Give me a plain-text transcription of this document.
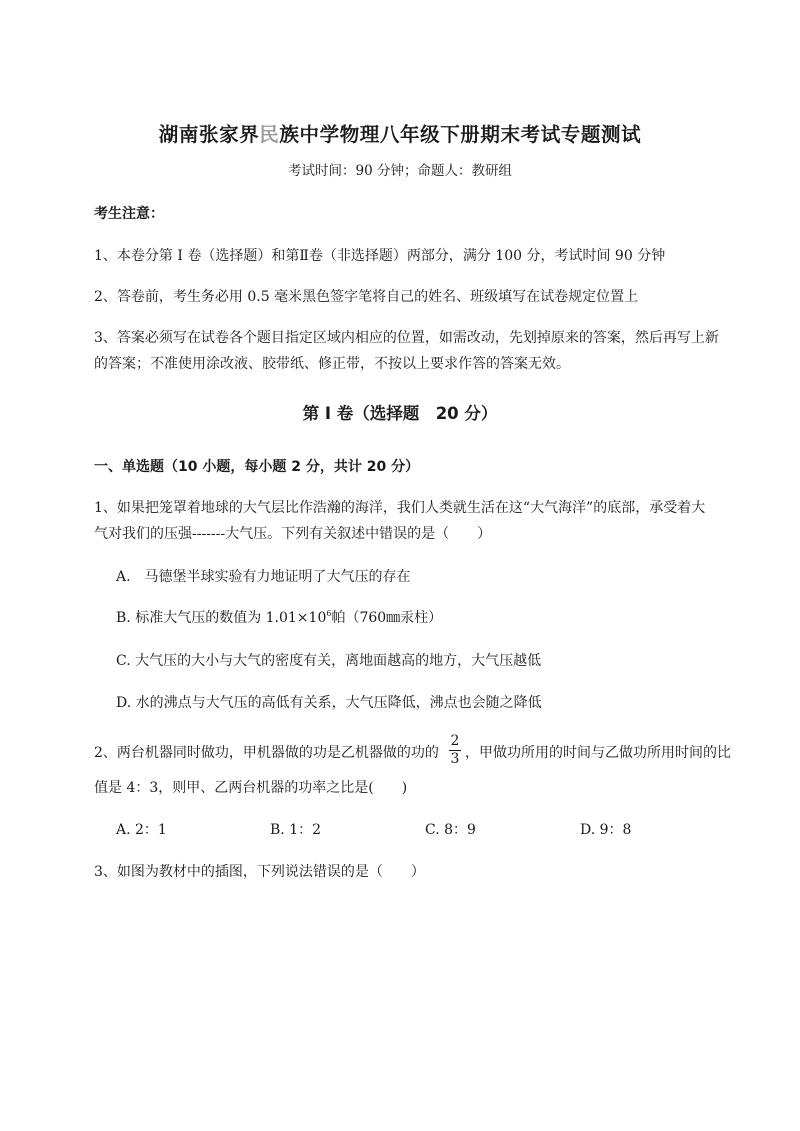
湖南张家界民族中学物理八年级下册期末考试专题测试
考试时间：90 分钟；命题人：教研组
考生注意：
1、本卷分第 I 卷（选择题）和第Ⅱ卷（非选择题）两部分，满分 100 分，考试时间 90 分钟
2、答卷前，考生务必用 0.5 毫米黑色签字笔将自己的姓名、班级填写在试卷规定位置上
3、答案必须写在试卷各个题目指定区域内相应的位置，如需改动，先划掉原来的答案，然后再写上新
的答案；不准使用涂改液、胶带纸、修正带，不按以上要求作答的答案无效。
第 I 卷（选择题　20 分）
一、单选题（10 小题，每小题 2 分，共计 20 分）
1、如果把笼罩着地球的大气层比作浩瀚的海洋，我们人类就生活在这“大气海洋”的底部，承受着大
气对我们的压强-------大气压。下列有关叙述中错误的是（　　）
A.　马德堡半球实验有力地证明了大气压的存在
B. 标准大气压的数值为 $1.01\times 10^6$帕（760㎜汞柱）
C. 大气压的大小与大气的密度有关，离地面越高的地方，大气压越低
D. 水的沸点与大气压的高低有关系，大气压降低，沸点也会随之降低
2、两台机器同时做功，甲机器做的功是乙机器做的功的
2
3 ，甲做功所用的时间与乙做功所用时间的比
值是 4：3，则甲、乙两台机器的功率之比是(　　)
A. 2：1	B. 1：2	C. 8：9	D. 9：8
3、如图为教材中的插图，下列说法错误的是（　　）
